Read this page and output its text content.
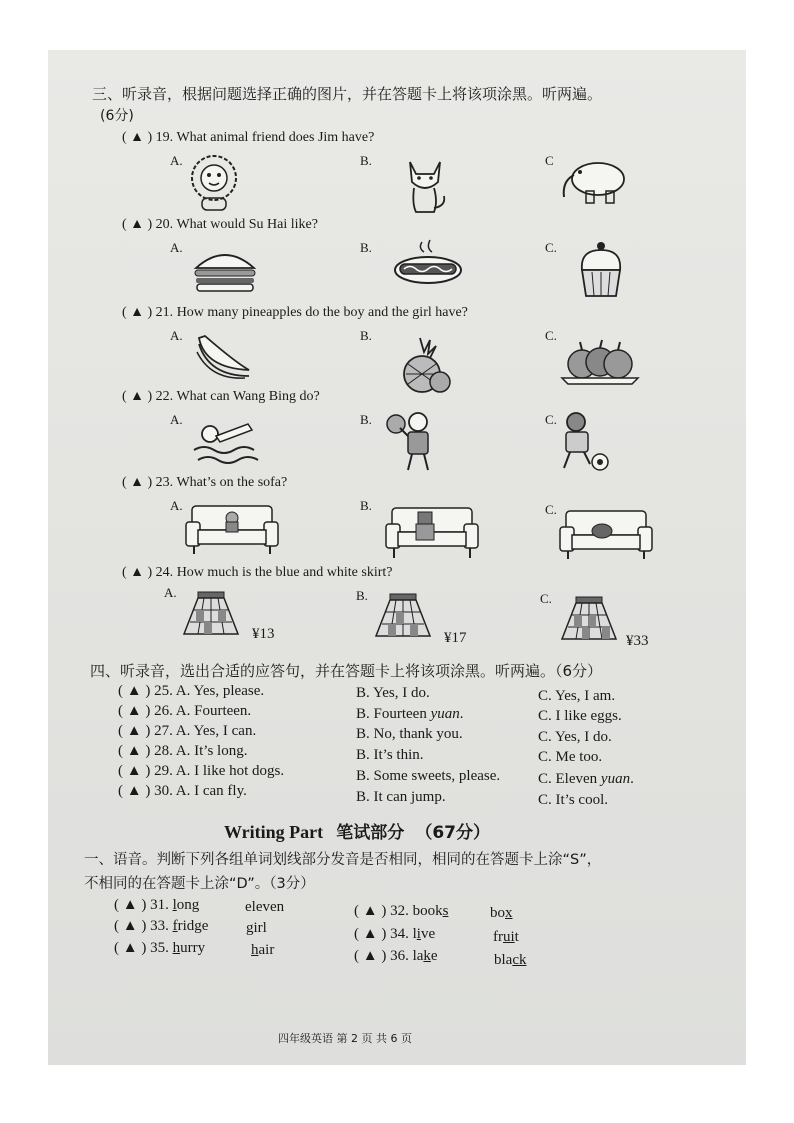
三、听录音，根据问题选择正确的图片，并在答题卡上将该项涂黑。听两遍。
(6分)
( ▲ ) 19. What animal friend does Jim have?
A.	B.	C
( ▲ ) 20. What would Su Hai like?
A.	B.	C.
( ▲ ) 21. How many pineapples do the boy and the girl have?
A.	B.	C.
( ▲ ) 22. What can Wang Bing do?
A.	B.	C.
( ▲ ) 23. What’s on the sofa?
A.	B.	C.
( ▲ ) 24. How much is the blue and white skirt?
A.	B.	C.
¥13	¥17	¥33
四、听录音，选出合适的应答句，并在答题卡上将该项涂黑。听两遍。（6分）
( ▲ ) 25. A. Yes, please.	B. Yes, I do.	C. Yes, I am.
( ▲ ) 26. A. Fourteen.	B. Fourteen yuan.	C. I like eggs.
( ▲ ) 27. A. Yes, I can.	B. No, thank you.	C. Yes, I do.
( ▲ ) 28. A. It’s long.	B. It’s thin.	C. Me too.
( ▲ ) 29. A. I like hot dogs.	B. Some sweets, please.	C. Eleven yuan.
( ▲ ) 30. A. I can fly.	B. It can jump.	C. It’s cool.
Writing Part 笔试部分 （67分）
一、语音。判断下列各组单词划线部分发音是否相同，相同的在答题卡上涂“S”，
不相同的在答题卡上涂“D”。（3分）
( ▲ ) 31. long	eleven	( ▲ ) 32. books	box
( ▲ ) 33. fridge	girl	( ▲ ) 34. live	fruit
( ▲ ) 35. hurry	hair	( ▲ ) 36. lake	black
四年级英语 第 2 页 共 6 页
